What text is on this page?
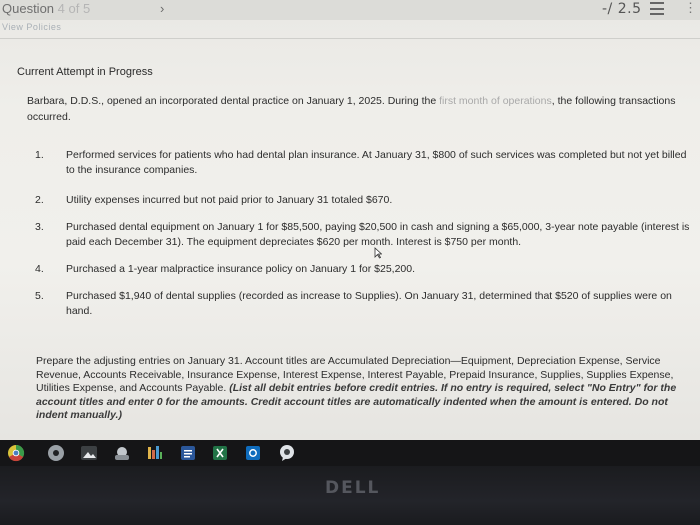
Question 4 of 5	›	-/ 2.5	⋮
View Policies
Current Attempt in Progress
Barbara, D.D.S., opened an incorporated dental practice on January 1, 2025. During the first month of operations, the following transactions occurred.
1. Performed services for patients who had dental plan insurance. At January 31, $800 of such services was completed but not yet billed to the insurance companies.
2. Utility expenses incurred but not paid prior to January 31 totaled $670.
3. Purchased dental equipment on January 1 for $85,500, paying $20,500 in cash and signing a $65,000, 3-year note payable (interest is paid each December 31). The equipment depreciates $620 per month. Interest is $750 per month.
4. Purchased a 1-year malpractice insurance policy on January 1 for $25,200.
5. Purchased $1,940 of dental supplies (recorded as increase to Supplies). On January 31, determined that $520 of supplies were on hand.
Prepare the adjusting entries on January 31. Account titles are Accumulated Depreciation—Equipment, Depreciation Expense, Service Revenue, Accounts Receivable, Insurance Expense, Interest Expense, Interest Payable, Prepaid Insurance, Supplies, Supplies Expense, Utilities Expense, and Accounts Payable. (List all debit entries before credit entries. If no entry is required, select "No Entry" for the account titles and enter 0 for the amounts. Credit account titles are automatically indented when the amount is entered. Do not indent manually.)
DELL
